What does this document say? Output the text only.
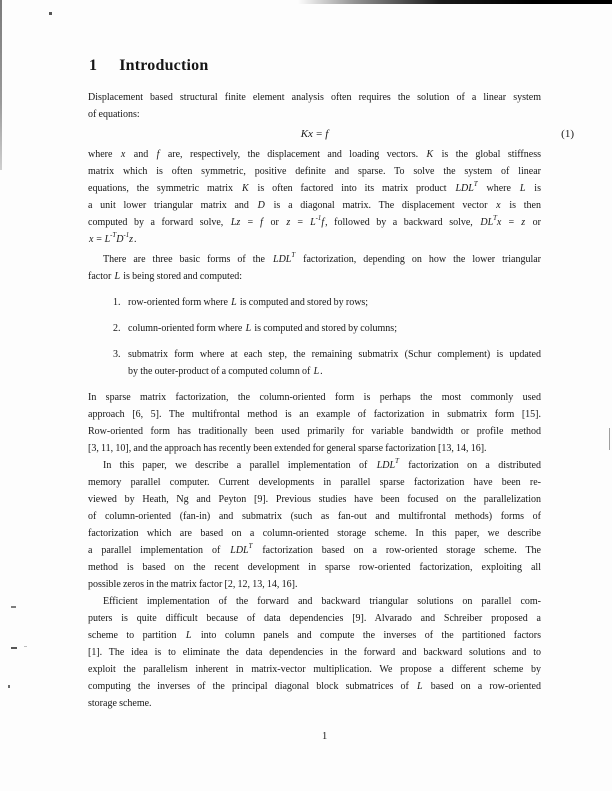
1 Introduction
Displacement based structural finite element analysis often requires the solution of a linear system
of equations:
Kx = f	(1)
where x and f are, respectively, the displacement and loading vectors. K is the global stiffness
matrix which is often symmetric, positive definite and sparse. To solve the system of linear
equations, the symmetric matrix K is often factored into its matrix product $LDL^T$ where L is
a unit lower triangular matrix and D is a diagonal matrix. The displacement vector x is then
computed by a forward solve, Lz = f or $z = L^{-1}f$, followed by a backward solve, $DL^Tx = z$ or
$x = L^{-T}D^{-1}z$.
There are three basic forms of the $LDL^T$ factorization, depending on how the lower triangular
factor L is being stored and computed:
1. row-oriented form where L is computed and stored by rows;
2. column-oriented form where L is computed and stored by columns;
3. submatrix form where at each step, the remaining submatrix (Schur complement) is updated
by the outer-product of a computed column of L.
In sparse matrix factorization, the column-oriented form is perhaps the most commonly used
approach [6, 5]. The multifrontal method is an example of factorization in submatrix form [15].
Row-oriented form has traditionally been used primarily for variable bandwidth or profile method
[3, 11, 10], and the approach has recently been extended for general sparse factorization [13, 14, 16].
In this paper, we describe a parallel implementation of $LDL^T$ factorization on a distributed
memory parallel computer. Current developments in parallel sparse factorization have been re-
viewed by Heath, Ng and Peyton [9]. Previous studies have been focused on the parallelization
of column-oriented (fan-in) and submatrix (such as fan-out and multifrontal methods) forms of
factorization which are based on a column-oriented storage scheme. In this paper, we describe
a parallel implementation of $LDL^T$ factorization based on a row-oriented storage scheme. The
method is based on the recent development in sparse row-oriented factorization, exploiting all
possible zeros in the matrix factor [2, 12, 13, 14, 16].
Efficient implementation of the forward and backward triangular solutions on parallel com-
puters is quite difficult because of data dependencies [9]. Alvarado and Schreiber proposed a
scheme to partition L into column panels and compute the inverses of the partitioned factors
[1]. The idea is to eliminate the data dependencies in the forward and backward solutions and to
exploit the parallelism inherent in matrix-vector multiplication. We propose a different scheme by
computing the inverses of the principal diagonal block submatrices of L based on a row-oriented
storage scheme.
1
